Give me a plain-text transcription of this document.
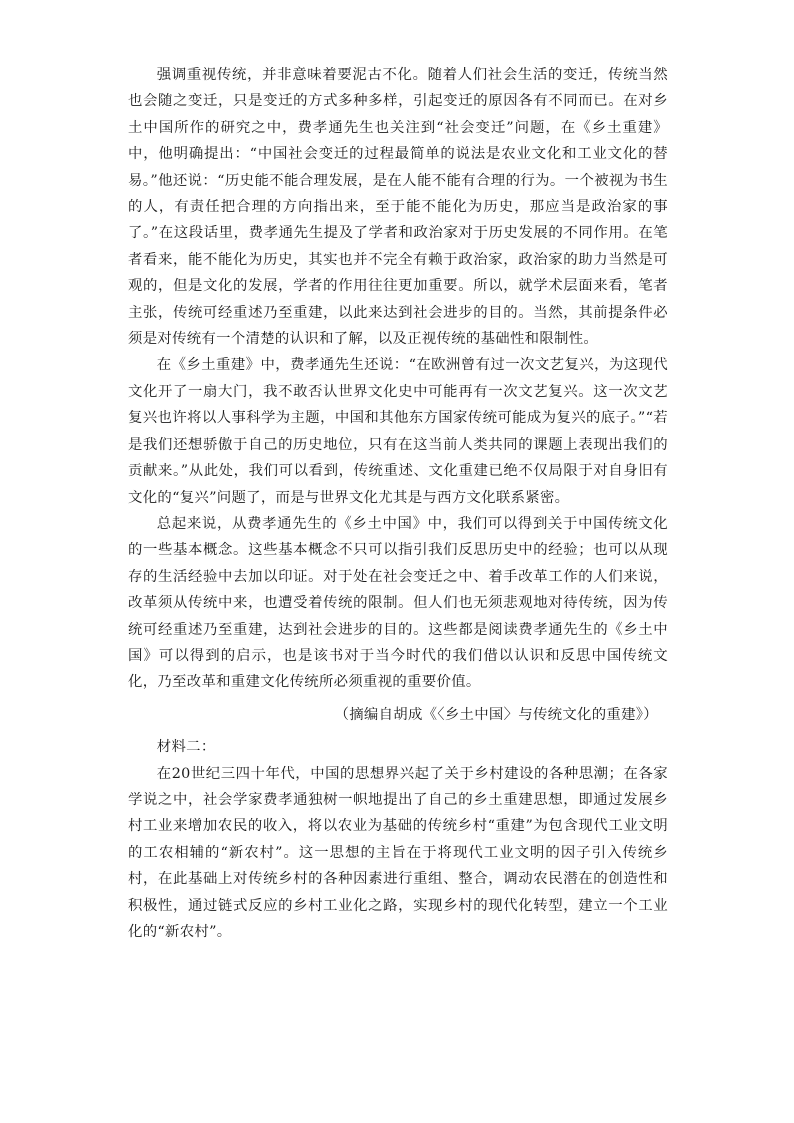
强调重视传统，并非意味着要泥古不化。随着人们社会生活的变迁，传统当然也会随之变迁，只是变迁的方式多种多样，引起变迁的原因各有不同而已。在对乡土中国所作的研究之中，费孝通先生也关注到“社会变迁”问题，在《乡土重建》中，他明确提出：“中国社会变迁的过程最简单的说法是农业文化和工业文化的替易。”他还说：“历史能不能合理发展，是在人能不能有合理的行为。一个被视为书生的人，有责任把合理的方向指出来，至于能不能化为历史，那应当是政治家的事了。”在这段话里，费孝通先生提及了学者和政治家对于历史发展的不同作用。在笔者看来，能不能化为历史，其实也并不完全有赖于政治家，政治家的助力当然是可观的，但是文化的发展，学者的作用往往更加重要。所以，就学术层面来看，笔者主张，传统可经重述乃至重建，以此来达到社会进步的目的。当然，其前提条件必须是对传统有一个清楚的认识和了解，以及正视传统的基础性和限制性。

在《乡土重建》中，费孝通先生还说：“在欧洲曾有过一次文艺复兴，为这现代文化开了一扇大门，我不敢否认世界文化史中可能再有一次文艺复兴。这一次文艺复兴也许将以人事科学为主题，中国和其他东方国家传统可能成为复兴的底子。”“若是我们还想骄傲于自己的历史地位，只有在这当前人类共同的课题上表现出我们的贡献来。”从此处，我们可以看到，传统重述、文化重建已绝不仅局限于对自身旧有文化的“复兴”问题了，而是与世界文化尤其是与西方文化联系紧密。

总起来说，从费孝通先生的《乡土中国》中，我们可以得到关于中国传统文化的一些基本概念。这些基本概念不只可以指引我们反思历史中的经验；也可以从现存的生活经验中去加以印证。对于处在社会变迁之中、着手改革工作的人们来说，改革须从传统中来，也遭受着传统的限制。但人们也无须悲观地对待传统，因为传统可经重述乃至重建，达到社会进步的目的。这些都是阅读费孝通先生的《乡土中国》可以得到的启示，也是该书对于当今时代的我们借以认识和反思中国传统文化，乃至改革和重建文化传统所必须重视的重要价值。

（摘编自胡成《〈乡土中国〉与传统文化的重建》）

材料二：

在20世纪三四十年代，中国的思想界兴起了关于乡村建设的各种思潮；在各家学说之中，社会学家费孝通独树一帜地提出了自己的乡土重建思想，即通过发展乡村工业来增加农民的收入，将以农业为基础的传统乡村“重建”为包含现代工业文明的工农相辅的“新农村”。这一思想的主旨在于将现代工业文明的因子引入传统乡村，在此基础上对传统乡村的各种因素进行重组、整合，调动农民潜在的创造性和积极性，通过链式反应的乡村工业化之路，实现乡村的现代化转型，建立一个工业化的“新农村”。
